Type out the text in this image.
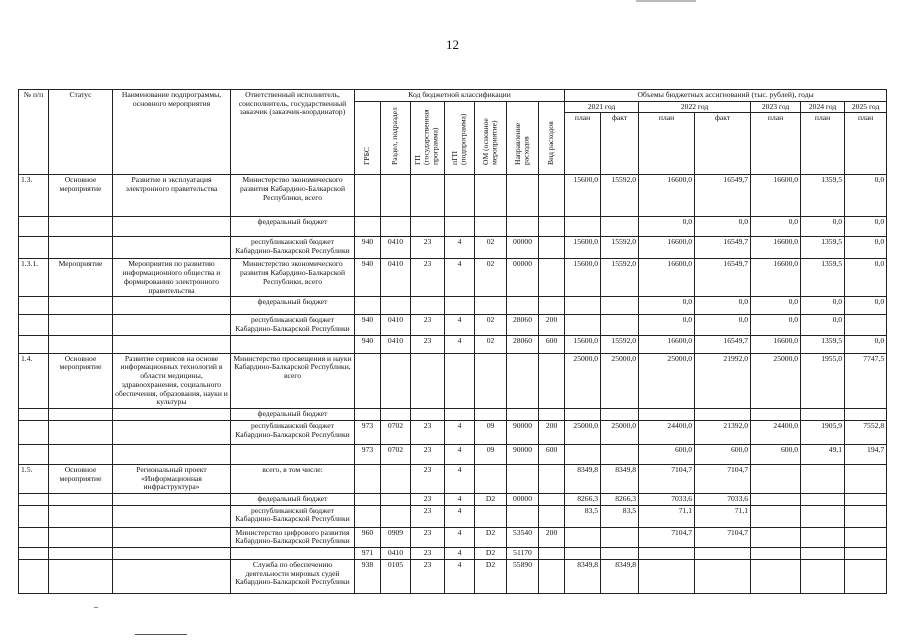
12
№ п/п	Статус	Наименование подпрограммы, основного мероприятия	Ответственный исполнитель, соисполнитель, государственный заказчик (заказчик-координатор)	Код бюджетной классификации							Объемы бюджетных ассигнований (тыс. рублей), годы						

				ГРБС	Раздел, подраздел	ГП (государственная программа)	пГП (подпрограмма)	ОМ (основное мероприятие)	Направление расходов	Вид расходов	2021 год		2022 год		2023 год	2024 год	2025 год
											план	факт	план	факт	план	план	план
1.3.	Основное мероприятие	Развитие и эксплуатация электронного правительства	Министерство экономического развития Кабардино-Балкарской Республики, всего								15600,0	15592,0	16600,0	16549,7	16600,0	1359,5	0,0
			федеральный бюджет										0,0	0,0	0,0	0,0	0,0
			республиканский бюджет Кабардино-Балкарской Республики	940	0410	23	4	02	00000		15600,0	15592,0	16600,0	16549,7	16600,0	1359,5	0,0
1.3.1.	Мероприятие	Мероприятия по развитию информационного общества и формированию электронного правительства	Министерство экономического развития Кабардино-Балкарской Республики, всего	940	0410	23	4	02	00000		15600,0	15592,0	16600,0	16549,7	16600,0	1359,5	0,0
			федеральный бюджет										0,0	0,0	0,0	0,0	0,0
			республиканский бюджет Кабардино-Балкарской Республики	940	0410	23	4	02	28060	200			0,0	0,0	0,0	0,0	
				940	0410	23	4	02	28060	600	15600,0	15592,0	16600,0	16549,7	16600,0	1359,5	0,0
1.4.	Основное мероприятие	Развитие сервисов на основе информационных технологий в области медицины, здравоохранения, социального обеспечения, образования, науки и культуры	Министерство просвещения и науки Кабардино-Балкарской Республики, всего								25000,0	25000,0	25000,0	21992,0	25000,0	1955,0	7747,5
			федеральный бюджет														
			республиканский бюджет Кабардино-Балкарской Республики	973	0702	23	4	09	90000	200	25000,0	25000,0	24400,0	21392,0	24400,0	1905,9	7552,8
				973	0702	23	4	09	90000	600			600,0	600,0	600,0	49,1	194,7
1.5.	Основное мероприятие	Региональный проект «Информационная инфраструктура»	всего, в том числе:			23	4				8349,8	8349,8	7104,7	7104,7			
			федеральный бюджет			23	4	D2	00000		8266,3	8266,3	7033,6	7033,6			
			республиканский бюджет Кабардино-Балкарской Республики			23	4				83,5	83,5	71,1	71,1			
			Министерство цифрового развития Кабардино-Балкарской Республики	960	0909	23	4	D2	53540	200			7104,7	7104,7			
				971	0410	23	4	D2	51170								
			Служба по обеспечению деятельности мировых судей Кабардино-Балкарской Республики	938	0105	23	4	D2	55890		8349,8	8349,8					
